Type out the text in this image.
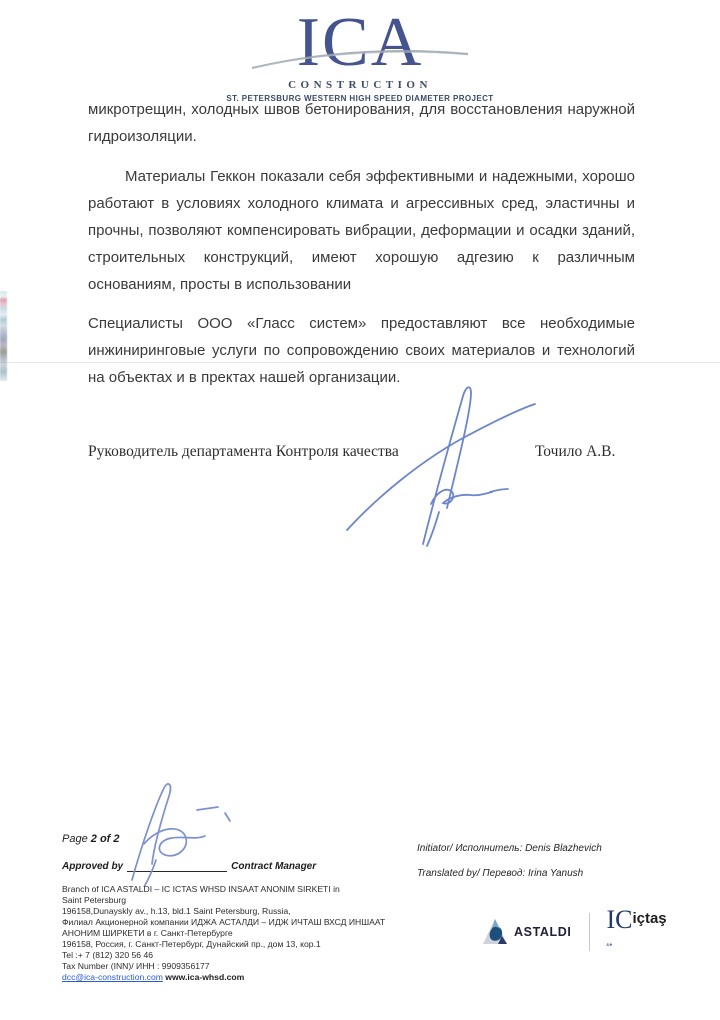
ICA
CONSTRUCTION
ST. PETERSBURG WESTERN HIGH SPEED DIAMETER PROJECT

микротрещин, холодных швов бетонирования, для восстановления наружной гидроизоляции.

Материалы Геккон показали себя эффективными и надежными, хорошо работают в условиях холодного климата и агрессивных сред, эластичны и прочны, позволяют компенсировать вибрации, деформации и осадки зданий, строительных конструкций, имеют хорошую адгезию к различным основаниям, просты в использовании

Специалисты ООО «Гласс систем» предоставляют все необходимые инжиниринговые услуги по сопровождению своих материалов и технологий на объектах и в пректах нашей организации.

Руководитель департамента Контроля качества	Точило А.В.
Page 2 of 2
Approved by	Contract Manager
Initiator/ Исполнитель: Denis Blazhevich
Translated by/ Перевод: Irina Yanush
Branch of ICA ASTALDI – IC ICTAS WHSD INSAAT ANONIM SIRKETI in
Saint Petersburg
196158,Dunayskly av., h.13, bld.1 Saint Petersburg, Russia,
Филиал Акционерной компании ИДЖА АСТАЛДИ – ИДЖ ИЧТАШ ВХСД ИНШААТ
АНОНИМ ШИРКЕТИ в г. Санкт-Петербурге
196158, Россия, г. Санкт-Петербург, Дунайский пр., дом 13, кор.1
Tel :+ 7 (812) 320 56 46
Tax Number (INN)/ ИНН : 9909356177
dcc@ica-construction.com www.ica-whsd.com
ASTALDI IC
ce
içtaş
